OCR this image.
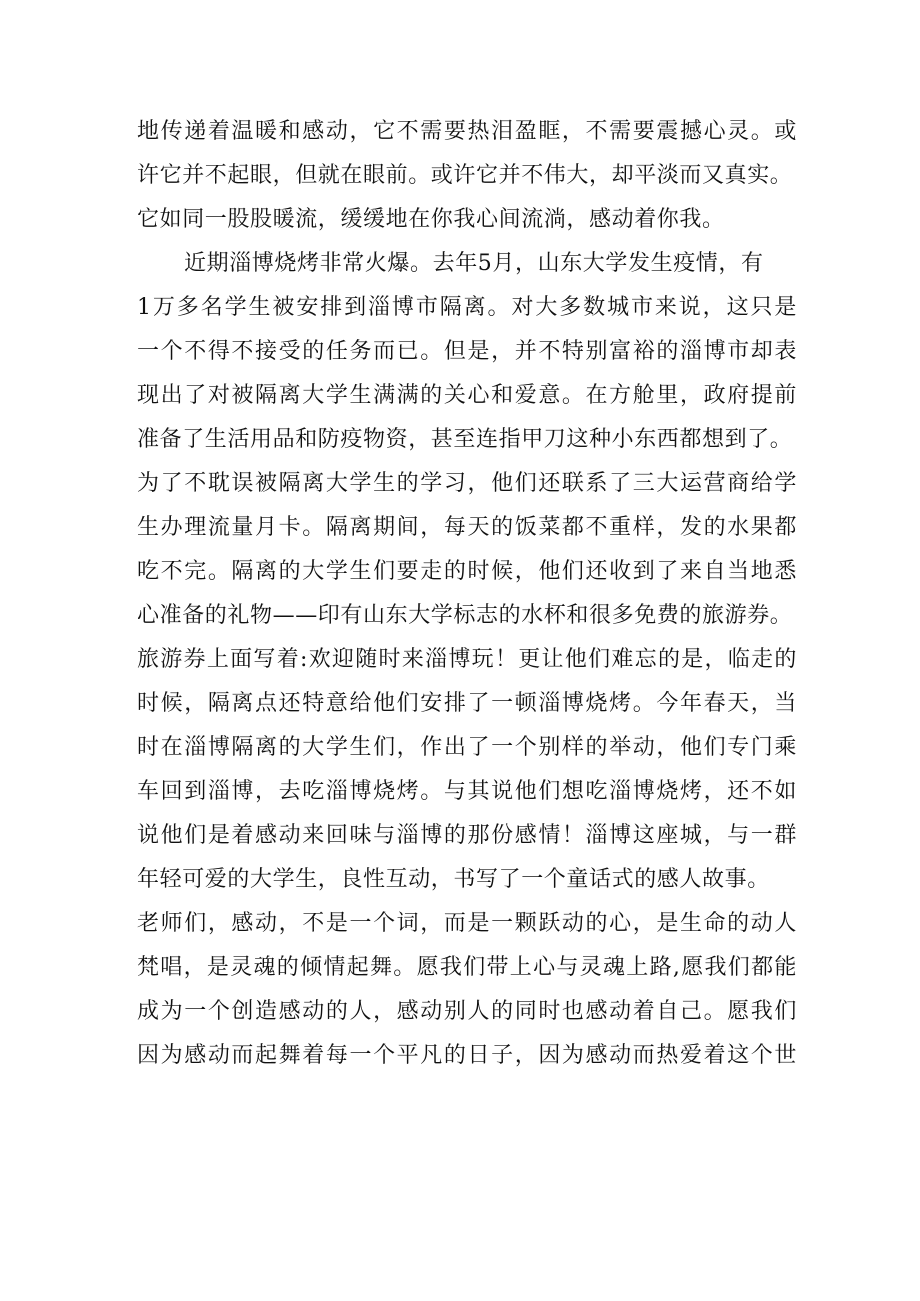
地传递着温暖和感动，它不需要热泪盈眶，不需要震撼心灵。或
许它并不起眼，但就在眼前。或许它并不伟大，却平淡而又真实。
它如同一股股暖流，缓缓地在你我心间流淌，感动着你我。
近期淄博烧烤非常火爆。去年5月，山东大学发生疫情，有
1万多名学生被安排到淄博市隔离。对大多数城市来说，这只是
一个不得不接受的任务而已。但是，并不特别富裕的淄博市却表
现出了对被隔离大学生满满的关心和爱意。在方舱里，政府提前
准备了生活用品和防疫物资，甚至连指甲刀这种小东西都想到了。
为了不耽误被隔离大学生的学习，他们还联系了三大运营商给学
生办理流量月卡。隔离期间，每天的饭菜都不重样，发的水果都
吃不完。隔离的大学生们要走的时候，他们还收到了来自当地悉
心准备的礼物——印有山东大学标志的水杯和很多免费的旅游券。
旅游券上面写着:欢迎随时来淄博玩！更让他们难忘的是，临走的
时候，隔离点还特意给他们安排了一顿淄博烧烤。今年春天，当
时在淄博隔离的大学生们，作出了一个别样的举动，他们专门乘
车回到淄博，去吃淄博烧烤。与其说他们想吃淄博烧烤，还不如
说他们是着感动来回味与淄博的那份感情！淄博这座城，与一群
年轻可爱的大学生，良性互动，书写了一个童话式的感人故事。
老师们，感动，不是一个词，而是一颗跃动的心，是生命的动人
梵唱，是灵魂的倾情起舞。愿我们带上心与灵魂上路,愿我们都能
成为一个创造感动的人，感动别人的同时也感动着自己。愿我们
因为感动而起舞着每一个平凡的日子，因为感动而热爱着这个世
